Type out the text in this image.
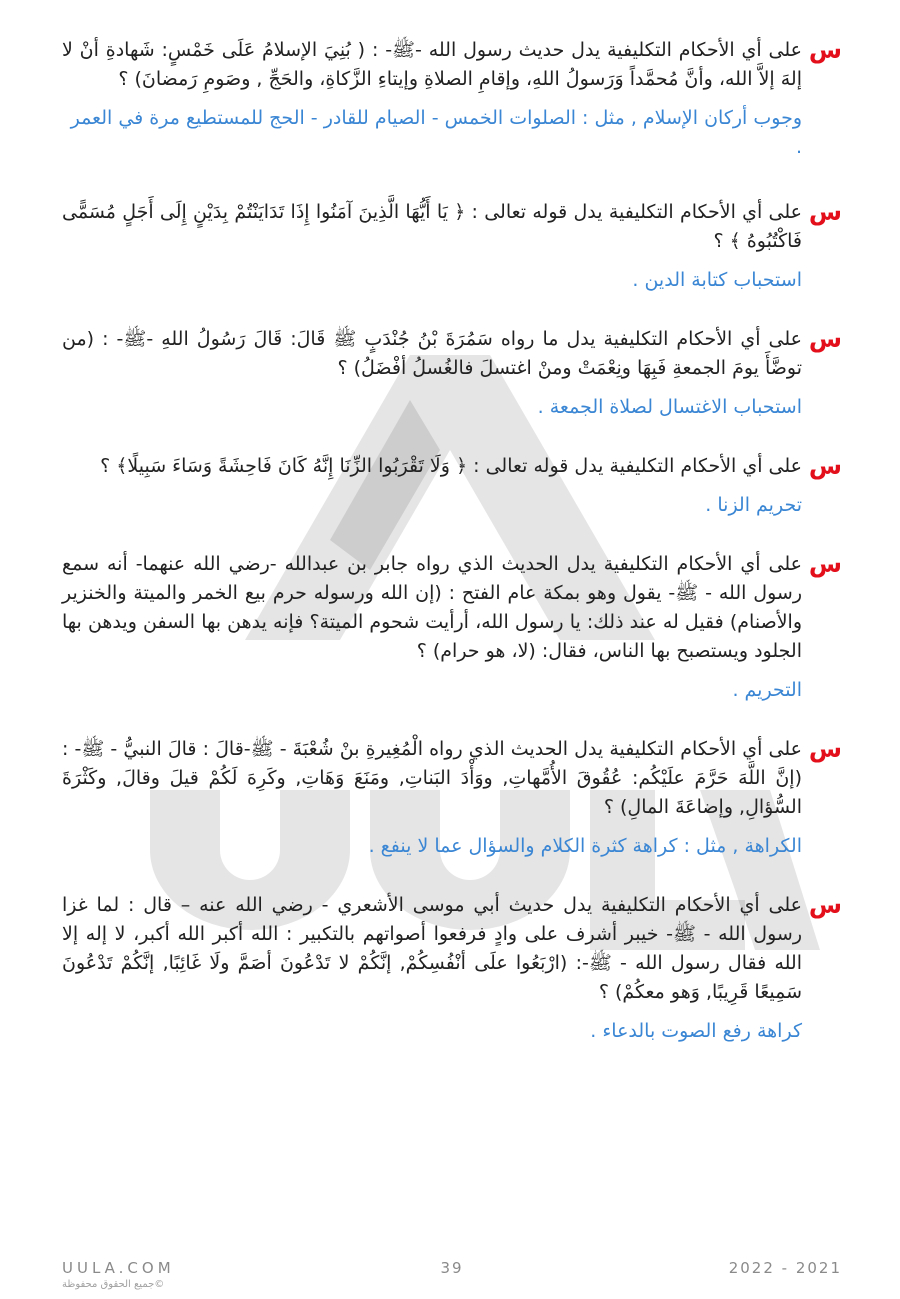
س
على أي الأحكام التكليفية يدل حديث رسول الله -ﷺ- : ( بُنِيَ الإسلامُ عَلَى خَمْسٍ: شَهادةِ أنْ لا إلهَ إلاَّ الله، وأنَّ مُحمَّداً وَرَسولُ اللهِ، وإقامِ الصلاةِ وإيتاءِ الزَّكاةِ، والحَجِّ , وصَومِ رَمضانَ) ؟
وجوب أركان الإسلام , مثل : الصلوات الخمس - الصيام للقادر - الحج للمستطيع مرة في العمر .
س
على أي الأحكام التكليفية يدل قوله تعالى : ﴿ يَا أَيُّهَا الَّذِينَ آمَنُوا إِذَا تَدَايَنْتُمْ بِدَيْنٍ إِلَى أَجَلٍ مُسَمًّى فَاكْتُبُوهُ ﴾ ؟
استحباب كتابة الدين .
س
على أي الأحكام التكليفية يدل ما رواه سَمُرَةَ بْنُ جُنْدَبٍ ﷺ قَالَ: قَالَ رَسُولُ اللهِ -ﷺ- : (من توضَّأَ يومَ الجمعةِ فَبِهَا ونِعْمَتْ ومنْ اغتسلَ فالغُسلُ أفْضَلُ) ؟
استحباب الاغتسال لصلاة الجمعة .
س
على أي الأحكام التكليفية يدل قوله تعالى : ﴿ وَلَا تَقْرَبُوا الزِّنَا إِنَّهُ كَانَ فَاحِشَةً وَسَاءَ سَبِيلًا﴾ ؟
تحريم الزنا .
س
على أي الأحكام التكليفية يدل الحديث الذي رواه جابر بن عبدالله -رضي الله عنهما- أنه سمع رسول الله - ﷺ- يقول وهو بمكة عام الفتح : (إن الله ورسوله حرم بيع الخمر والميتة والخنزير والأصنام) فقيل له عند ذلك: يا رسول الله، أرأيت شحوم الميتة؟ فإنه يدهن بها السفن ويدهن بها الجلود ويستصبح بها الناس، فقال: (لا، هو حرام) ؟
التحريم .
س
على أي الأحكام التكليفية يدل الحديث الذي رواه الْمُغِيرةِ بنْ شُعْبَةَ - ﷺ-قالَ : قالَ النبيُّ - ﷺ- : (إنَّ اللَّهَ حَرَّمَ علَيْكُم: عُقُوقَ الأُمَّهاتِ, ووَأْدَ البَناتِ, ومَنَعَ وَهَاتِ, وكَرِهَ لَكُمْ قيلَ وقالَ, وكَثْرَةَ السُّؤالِ, وإضاعَةَ المالِ) ؟
الكراهة , مثل : كراهة كثرة الكلام والسؤال عما لا ينفع .
س
على أي الأحكام التكليفية يدل حديث أبي موسى الأشعري - رضي الله عنه – قال : لما غزا رسول الله - ﷺ- خيبر أشرف على وادٍ فرفعوا أصواتهم بالتكبير : الله أكبر الله أكبر، لا إله إلا الله فقال رسول الله - ﷺ-: (ارْبَعُوا علَى أنْفُسِكُمْ, إنَّكُمْ لا تَدْعُونَ أصَمَّ ولَا غَائِبًا, إنَّكُمْ تَدْعُونَ سَمِيعًا قَرِيبًا, وَهو معكُمْ) ؟
كراهة رفع الصوت بالدعاء .
UULA.COM
©جميع الحقوق محفوظة
39	2022 - 2021
